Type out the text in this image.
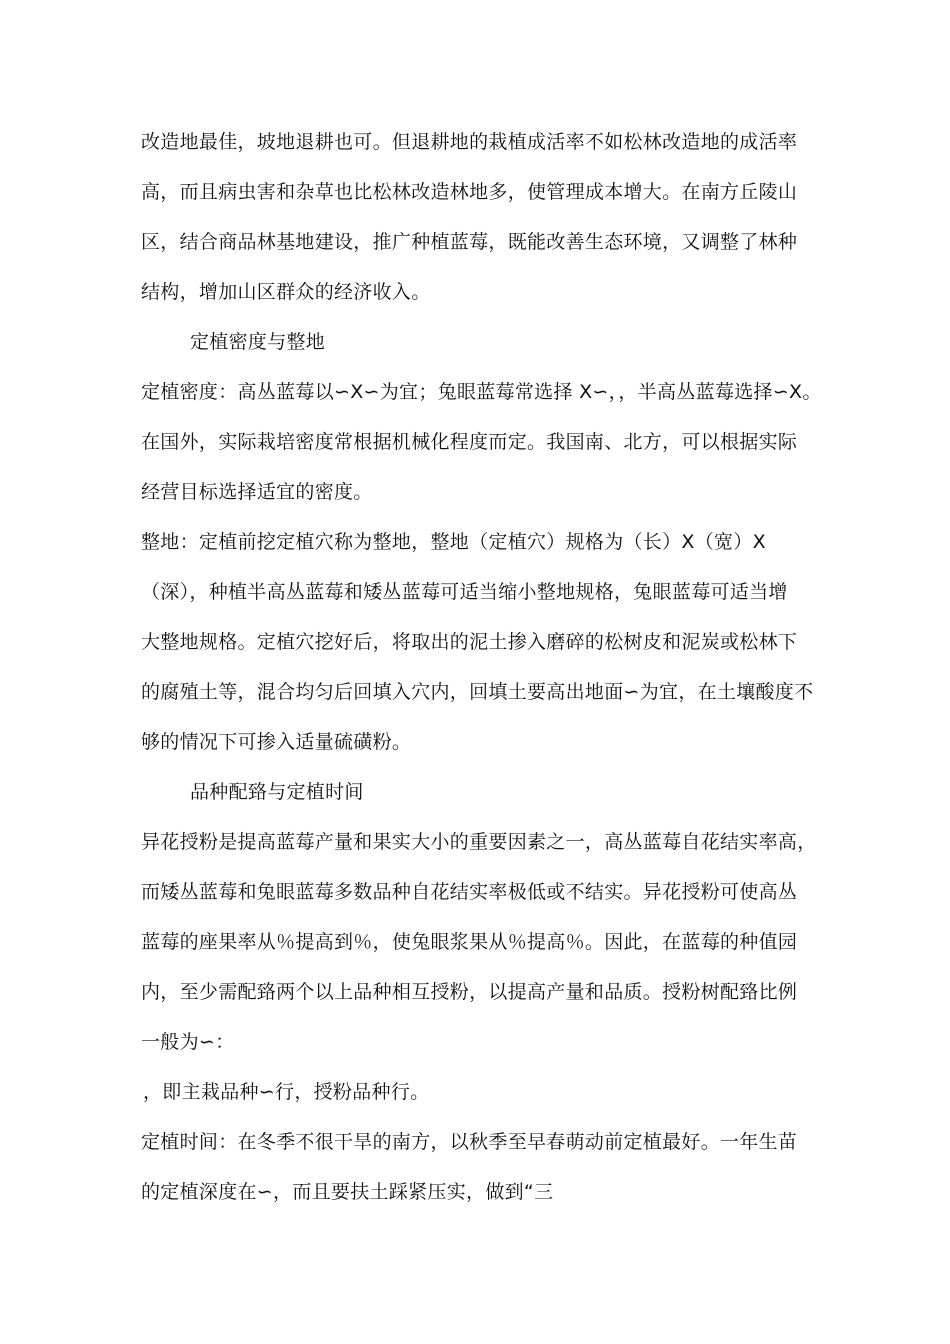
改造地最佳，坡地退耕也可。但退耕地的栽植成活率不如松林改造地的成活率
高，而且病虫害和杂草也比松林改造林地多，使管理成本增大。在南方丘陵山
区，结合商品林基地建设，推广种植蓝莓，既能改善生态环境，又调整了林种
结构，增加山区群众的经济收入。
定植密度与整地
定植密度：高丛蓝莓以∽X∽为宜；兔眼蓝莓常选择 X∽，，半高丛蓝莓选择∽X。
在国外，实际栽培密度常根据机械化程度而定。我国南、北方，可以根据实际
经营目标选择适宜的密度。
整地：定植前挖定植穴称为整地，整地（定植穴）规格为（长）X（宽）X
（深），种植半高丛蓝莓和矮丛蓝莓可适当缩小整地规格，兔眼蓝莓可适当增
大整地规格。定植穴挖好后，将取出的泥土掺入磨碎的松树皮和泥炭或松林下
的腐殖土等，混合均匀后回填入穴内，回填土要高出地面∽为宜，在土壤酸度不
够的情况下可掺入适量硫磺粉。
品种配臵与定植时间
异花授粉是提高蓝莓产量和果实大小的重要因素之一，高丛蓝莓自花结实率高，
而矮丛蓝莓和兔眼蓝莓多数品种自花结实率极低或不结实。异花授粉可使高丛
蓝莓的座果率从％提高到％，使兔眼浆果从％提高％。因此，在蓝莓的种值园
内，至少需配臵两个以上品种相互授粉，以提高产量和品质。授粉树配臵比例
一般为∽：
，即主栽品种∽行，授粉品种行。
定植时间：在冬季不很干旱的南方，以秋季至早春萌动前定植最好。一年生苗
的定植深度在∽，而且要扶土踩紧压实，做到“三
